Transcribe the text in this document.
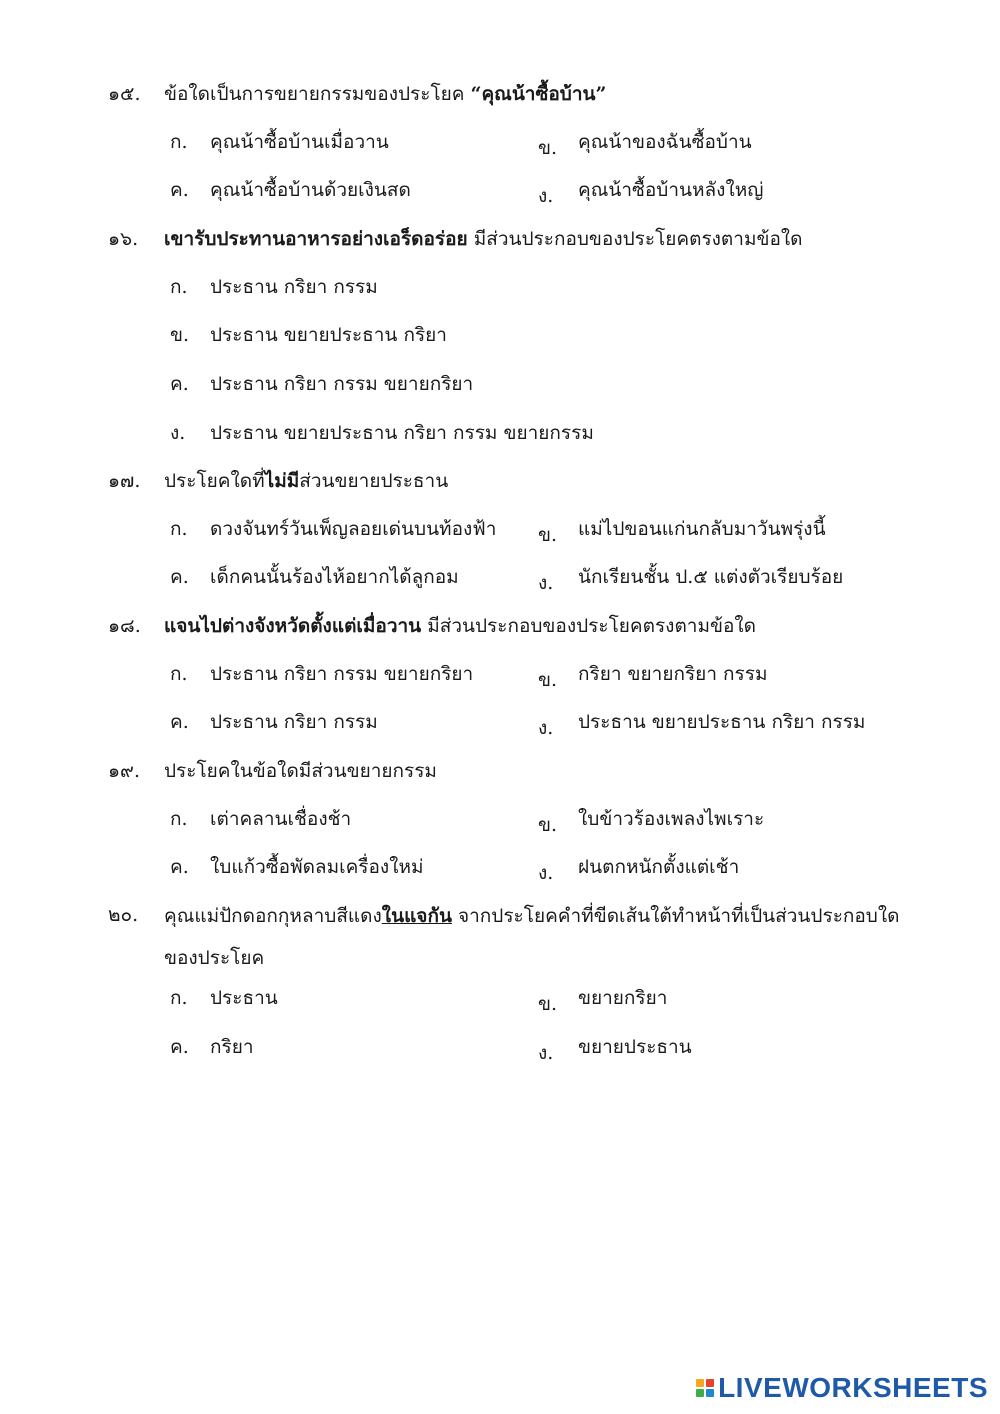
๑๕.	ข้อใดเป็นการขยายกรรมของประโยค “คุณน้าซื้อบ้าน”
ก. คุณน้าซื้อบ้านเมื่อวาน	ข. คุณน้าของฉันซื้อบ้าน
ค. คุณน้าซื้อบ้านด้วยเงินสด	ง. คุณน้าซื้อบ้านหลังใหญ่
๑๖.	เขารับประทานอาหารอย่างเอร็ดอร่อย มีส่วนประกอบของประโยคตรงตามข้อใด
ก. ประธาน กริยา กรรม
ข. ประธาน ขยายประธาน กริยา
ค. ประธาน กริยา กรรม ขยายกริยา
ง. ประธาน ขยายประธาน กริยา กรรม ขยายกรรม
๑๗.	ประโยคใดที่ไม่มีส่วนขยายประธาน
ก. ดวงจันทร์วันเพ็ญลอยเด่นบนท้องฟ้า ข. แม่ไปขอนแก่นกลับมาวันพรุ่งนี้
ค. เด็กคนนั้นร้องไห้อยากได้ลูกอม	ง. นักเรียนชั้น ป.๕ แต่งตัวเรียบร้อย
๑๘.	แจนไปต่างจังหวัดตั้งแต่เมื่อวาน มีส่วนประกอบของประโยคตรงตามข้อใด
ก. ประธาน กริยา กรรม ขยายกริยา	ข. กริยา ขยายกริยา กรรม
ค. ประธาน กริยา กรรม	ง. ประธาน ขยายประธาน กริยา กรรม
๑๙.	ประโยคในข้อใดมีส่วนขยายกรรม
ก. เต่าคลานเชื่องช้า	ข. ใบข้าวร้องเพลงไพเราะ
ค. ใบแก้วซื้อพัดลมเครื่องใหม่	ง. ฝนตกหนักตั้งแต่เช้า
๒๐.	คุณแม่ปักดอกกุหลาบสีแดงในแจกัน จากประโยคคำที่ขีดเส้นใต้ทำหน้าที่เป็นส่วนประกอบใดของประโยค
ก. ประธาน	ข. ขยายกริยา
ค. กริยา	ง. ขยายประธาน
LIVEWORKSHEETS
